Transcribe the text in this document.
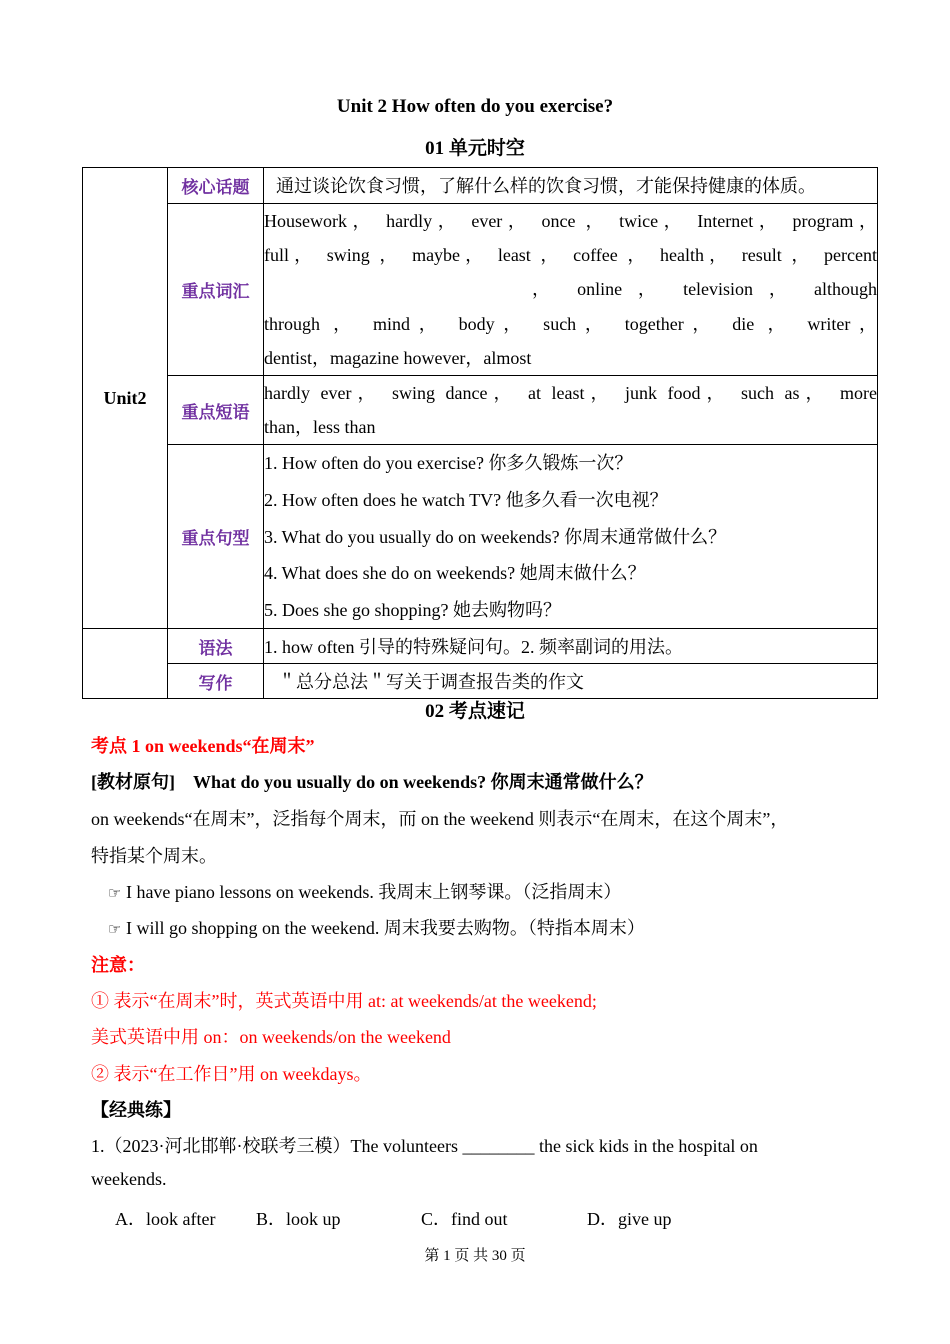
Unit 2 How often do you exercise?
01 单元时空
Unit2	核心话题	通过谈论饮食习惯，了解什么样的饮食习惯，才能保持健康的体质。

	重点词汇	Housework， hardly， ever， once ， twice， Internet， program，
full， swing ， maybe， least ， coffee ， health， result ， percent
， online ， television ， although
through ， mind， body， such， together， die ， writer，
dentist，magazine however，almost

	重点短语	hardly ever， swing dance， at least， junk food， such as， more
than，less than

	重点句型	1. How often do you exercise? 你多久锻炼一次？
2. How often does he watch TV? 他多久看一次电视？
3. What do you usually do on weekends? 你周末通常做什么？
4. What does she do on weekends? 她周末做什么？
5. Does she go shopping? 她去购物吗？

	语法	1. how often 引导的特殊疑问句。2. 频率副词的用法。
	写作	＂总分总法＂写关于调查报告类的作文
02 考点速记
考点 1 on weekends“在周末”
[教材原句] What do you usually do on weekends? 你周末通常做什么？
on weekends“在周末”，泛指每个周末，而 on the weekend 则表示“在周末，在这个周末”，
特指某个周末。
☞ I have piano lessons on weekends. 我周末上钢琴课。（泛指周末）
☞ I will go shopping on the weekend. 周末我要去购物。（特指本周末）
注意：
① 表示“在周末”时，英式英语中用 at: at weekends/at the weekend;
美式英语中用 on：on weekends/on the weekend
② 表示“在工作日”用 on weekdays。
【经典练】
1.（2023·河北邯郸·校联考三模）The volunteers ________ the sick kids in the hospital on
weekends.
A．look after B．look up	C．find out	D．give up
第 1 页 共 30 页
